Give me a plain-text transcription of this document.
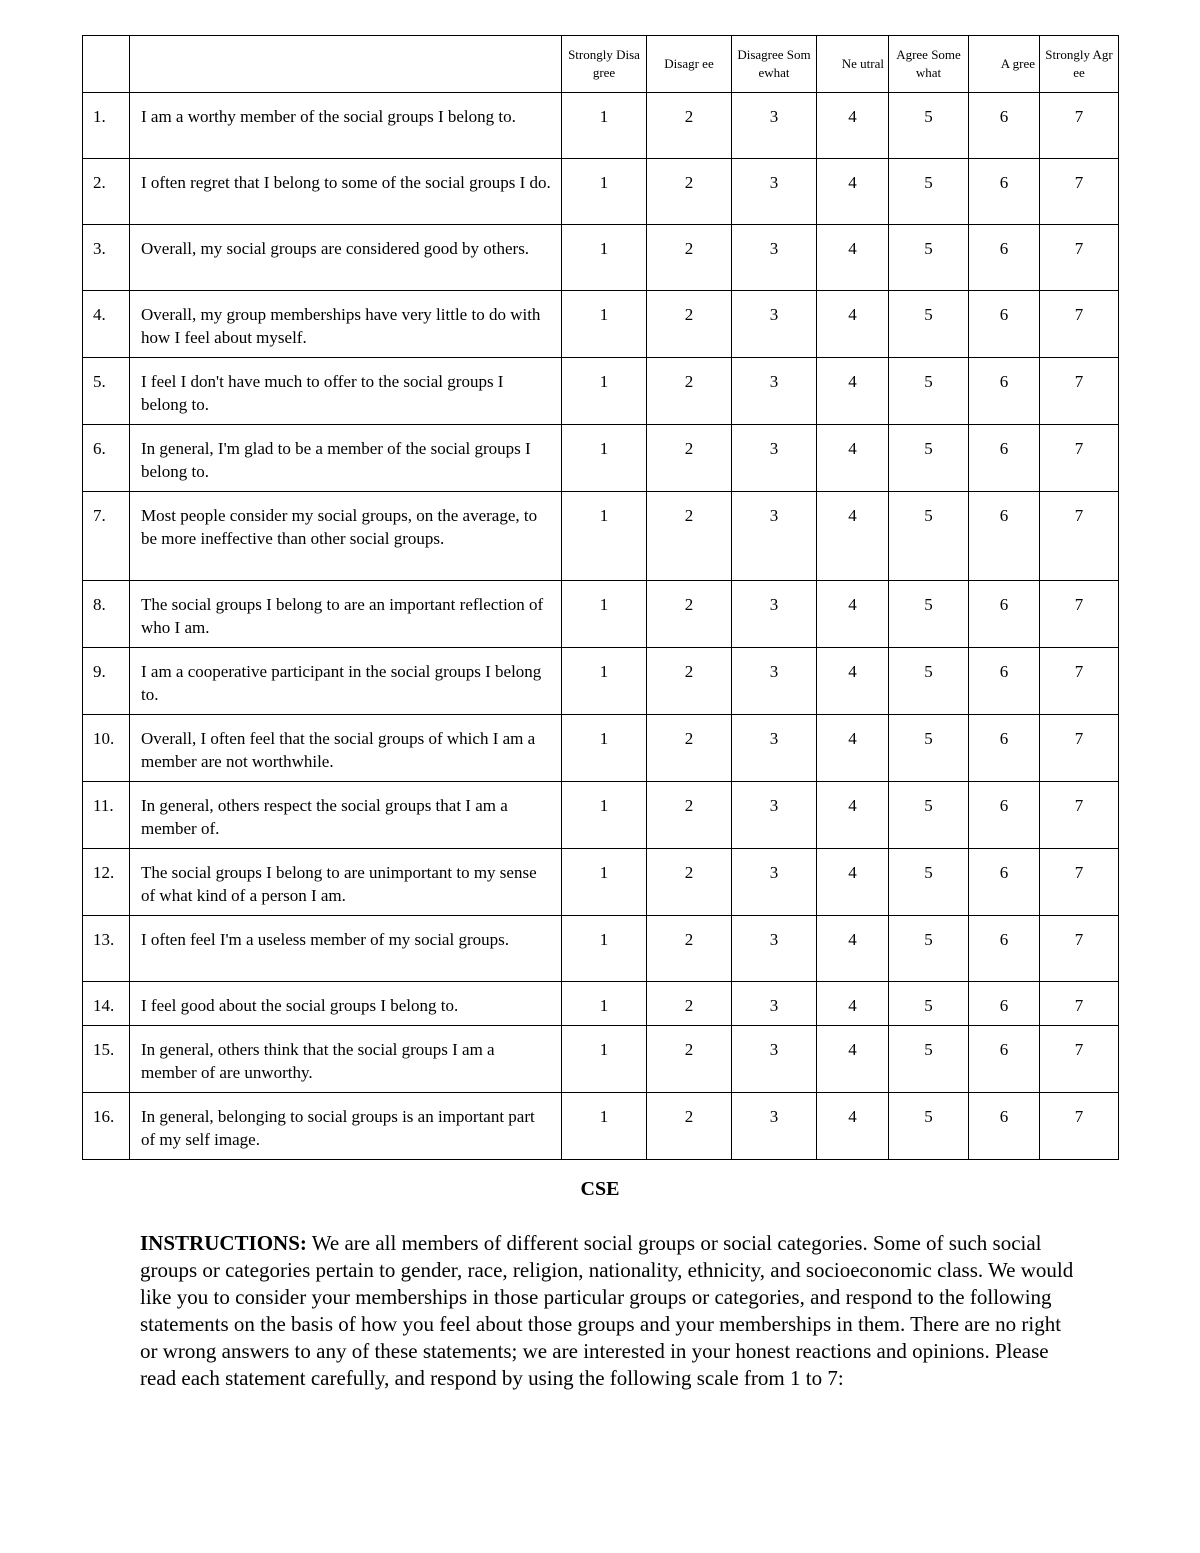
		Strongly Disagree	Disagr ee	Disagree Somewhat	Ne utral	Agree Somewhat	A gree	Strongly Agree

1.	I am a worthy member of the social groups I belong to.	1	2	3	4	5	6	7
2.	I often regret that I belong to some of the social groups I do.	1	2	3	4	5	6	7
3.	Overall, my social groups are considered good by others.	1	2	3	4	5	6	7
4.	Overall, my group memberships have very little to do with how I feel about myself.	1	2	3	4	5	6	7
5.	I feel I don't have much to offer to the social groups I belong to.	1	2	3	4	5	6	7
6.	In general, I'm glad to be a member of the social groups I belong to.	1	2	3	4	5	6	7
7.	Most people consider my social groups, on the average, to be more ineffective than other social groups.	1	2	3	4	5	6	7
8.	The social groups I belong to are an important reflection of who I am.	1	2	3	4	5	6	7
9.	I am a cooperative participant in the social groups I belong to.	1	2	3	4	5	6	7
10.	Overall, I often feel that the social groups of which I am a member are not worthwhile.	1	2	3	4	5	6	7
11.	In general, others respect the social groups that I am a member of.	1	2	3	4	5	6	7
12.	The social groups I belong to are unimportant to my sense of what kind of a person I am.	1	2	3	4	5	6	7
13.	I often feel I'm a useless member of my social groups.	1	2	3	4	5	6	7
14.	I feel good about the social groups I belong to.	1	2	3	4	5	6	7
15.	In general, others think that the social groups I am a member of are unworthy.	1	2	3	4	5	6	7
16.	In general, belonging to social groups is an important part of my self image.	1	2	3	4	5	6	7
CSE

INSTRUCTIONS: We are all members of different social groups or social categories. Some of such social groups or categories pertain to gender, race, religion, nationality, ethnicity, and socioeconomic class. We would like you to consider your memberships in those particular groups or categories, and respond to the following statements on the basis of how you feel about those groups and your memberships in them. There are no right or wrong answers to any of these statements; we are interested in your honest reactions and opinions. Please read each statement carefully, and respond by using the following scale from 1 to 7:
